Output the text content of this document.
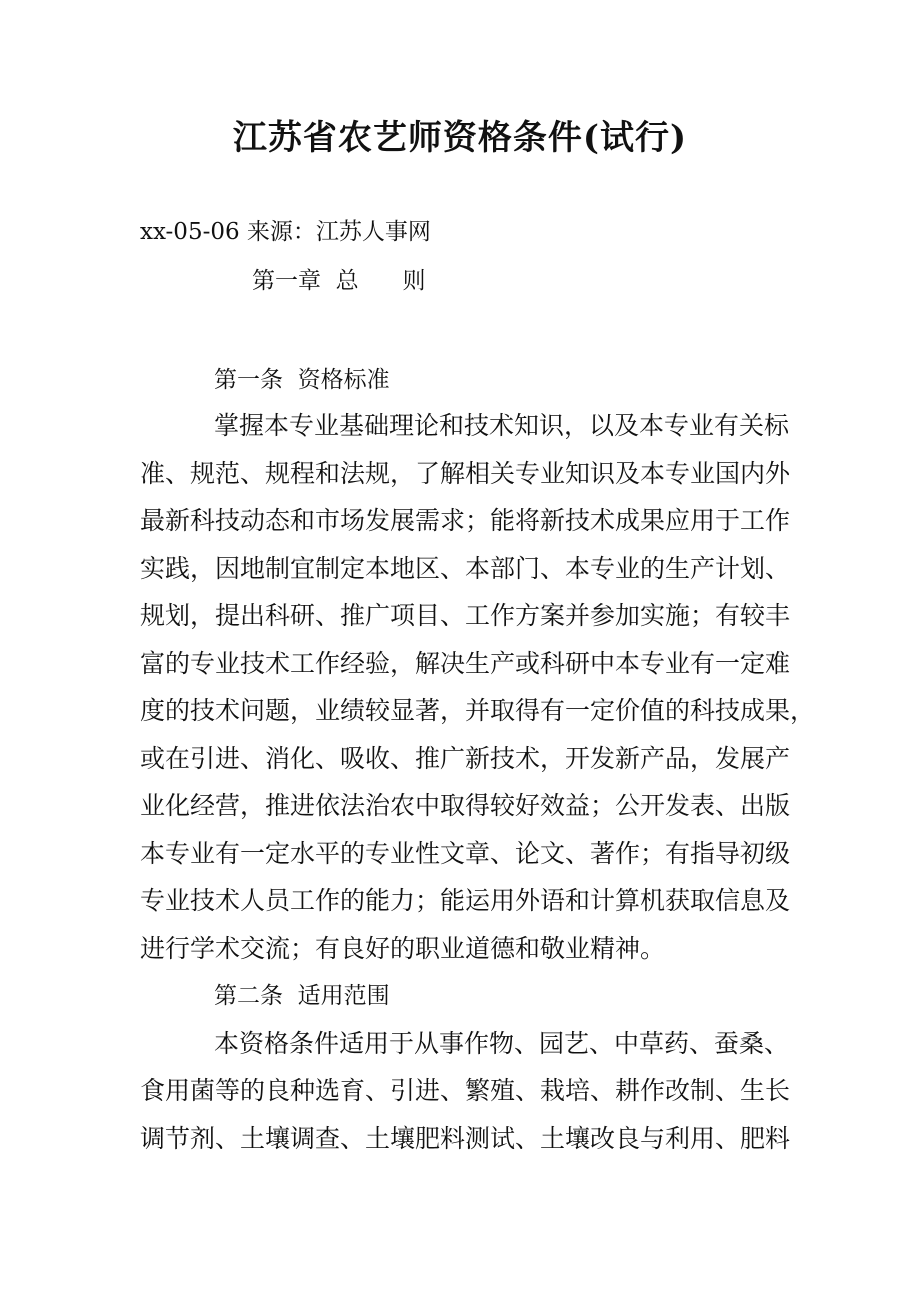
江苏省农艺师资格条件(试行)
xx-05-06 来源：江苏人事网
第一章  总      则
第一条  资格标准
掌握本专业基础理论和技术知识，以及本专业有关标
准、规范、规程和法规，了解相关专业知识及本专业国内外
最新科技动态和市场发展需求；能将新技术成果应用于工作
实践，因地制宜制定本地区、本部门、本专业的生产计划、
规划，提出科研、推广项目、工作方案并参加实施；有较丰
富的专业技术工作经验，解决生产或科研中本专业有一定难
度的技术问题，业绩较显著，并取得有一定价值的科技成果，
或在引进、消化、吸收、推广新技术，开发新产品，发展产
业化经营，推进依法治农中取得较好效益；公开发表、出版
本专业有一定水平的专业性文章、论文、著作；有指导初级
专业技术人员工作的能力；能运用外语和计算机获取信息及
进行学术交流；有良好的职业道德和敬业精神。
第二条  适用范围
本资格条件适用于从事作物、园艺、中草药、蚕桑、
食用菌等的良种选育、引进、繁殖、栽培、耕作改制、生长
调节剂、土壤调查、土壤肥料测试、土壤改良与利用、肥料
